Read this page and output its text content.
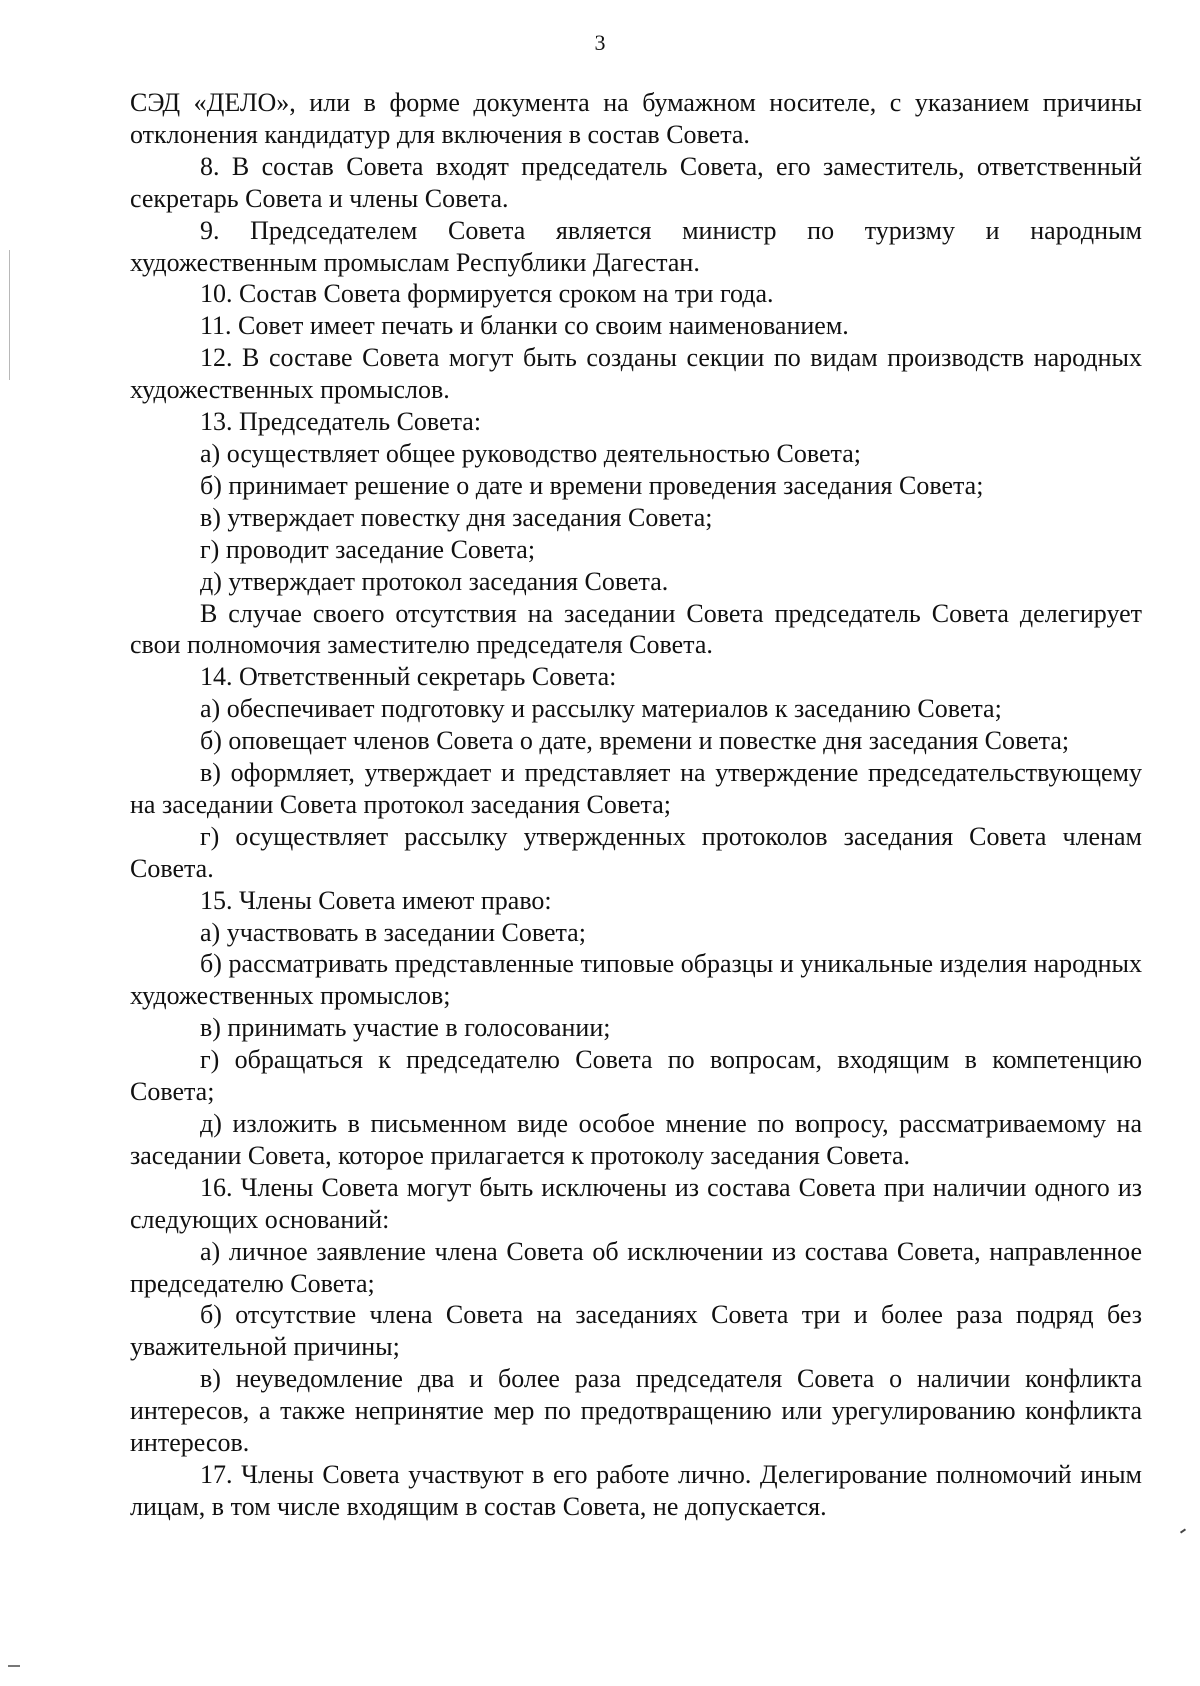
3

СЭД «ДЕЛО», или в форме документа на бумажном носителе, с указанием причины отклонения кандидатур для включения в состав Совета.

8. В состав Совета входят председатель Совета, его заместитель, ответственный секретарь Совета и члены Совета.

9. Председателем Совета является министр по туризму и народным художественным промыслам Республики Дагестан.

10. Состав Совета формируется сроком на три года.

11. Совет имеет печать и бланки со своим наименованием.

12. В составе Совета могут быть созданы секции по видам производств народных художественных промыслов.

13. Председатель Совета:

а) осуществляет общее руководство деятельностью Совета;

б) принимает решение о дате и времени проведения заседания Совета;

в) утверждает повестку дня заседания Совета;

г) проводит заседание Совета;

д) утверждает протокол заседания Совета.

В случае своего отсутствия на заседании Совета председатель Совета делегирует свои полномочия заместителю председателя Совета.

14. Ответственный секретарь Совета:

а) обеспечивает подготовку и рассылку материалов к заседанию Совета;

б) оповещает членов Совета о дате, времени и повестке дня заседания Совета;

в) оформляет, утверждает и представляет на утверждение председательствующему на заседании Совета протокол заседания Совета;

г) осуществляет рассылку утвержденных протоколов заседания Совета членам Совета.

15. Члены Совета имеют право:

а) участвовать в заседании Совета;

б) рассматривать представленные типовые образцы и уникальные изделия народных художественных промыслов;

в) принимать участие в голосовании;

г) обращаться к председателю Совета по вопросам, входящим в компетенцию Совета;

д) изложить в письменном виде особое мнение по вопросу, рассматриваемому на заседании Совета, которое прилагается к протоколу заседания Совета.

16. Члены Совета могут быть исключены из состава Совета при наличии одного из следующих оснований:

а) личное заявление члена Совета об исключении из состава Совета, направленное председателю Совета;

б) отсутствие члена Совета на заседаниях Совета три и более раза подряд без уважительной причины;

в) неуведомление два и более раза председателя Совета о наличии конфликта интересов, а также непринятие мер по предотвращению или урегулированию конфликта интересов.

17. Члены Совета участвуют в его работе лично. Делегирование полномочий иным лицам, в том числе входящим в состав Совета, не допускается.
